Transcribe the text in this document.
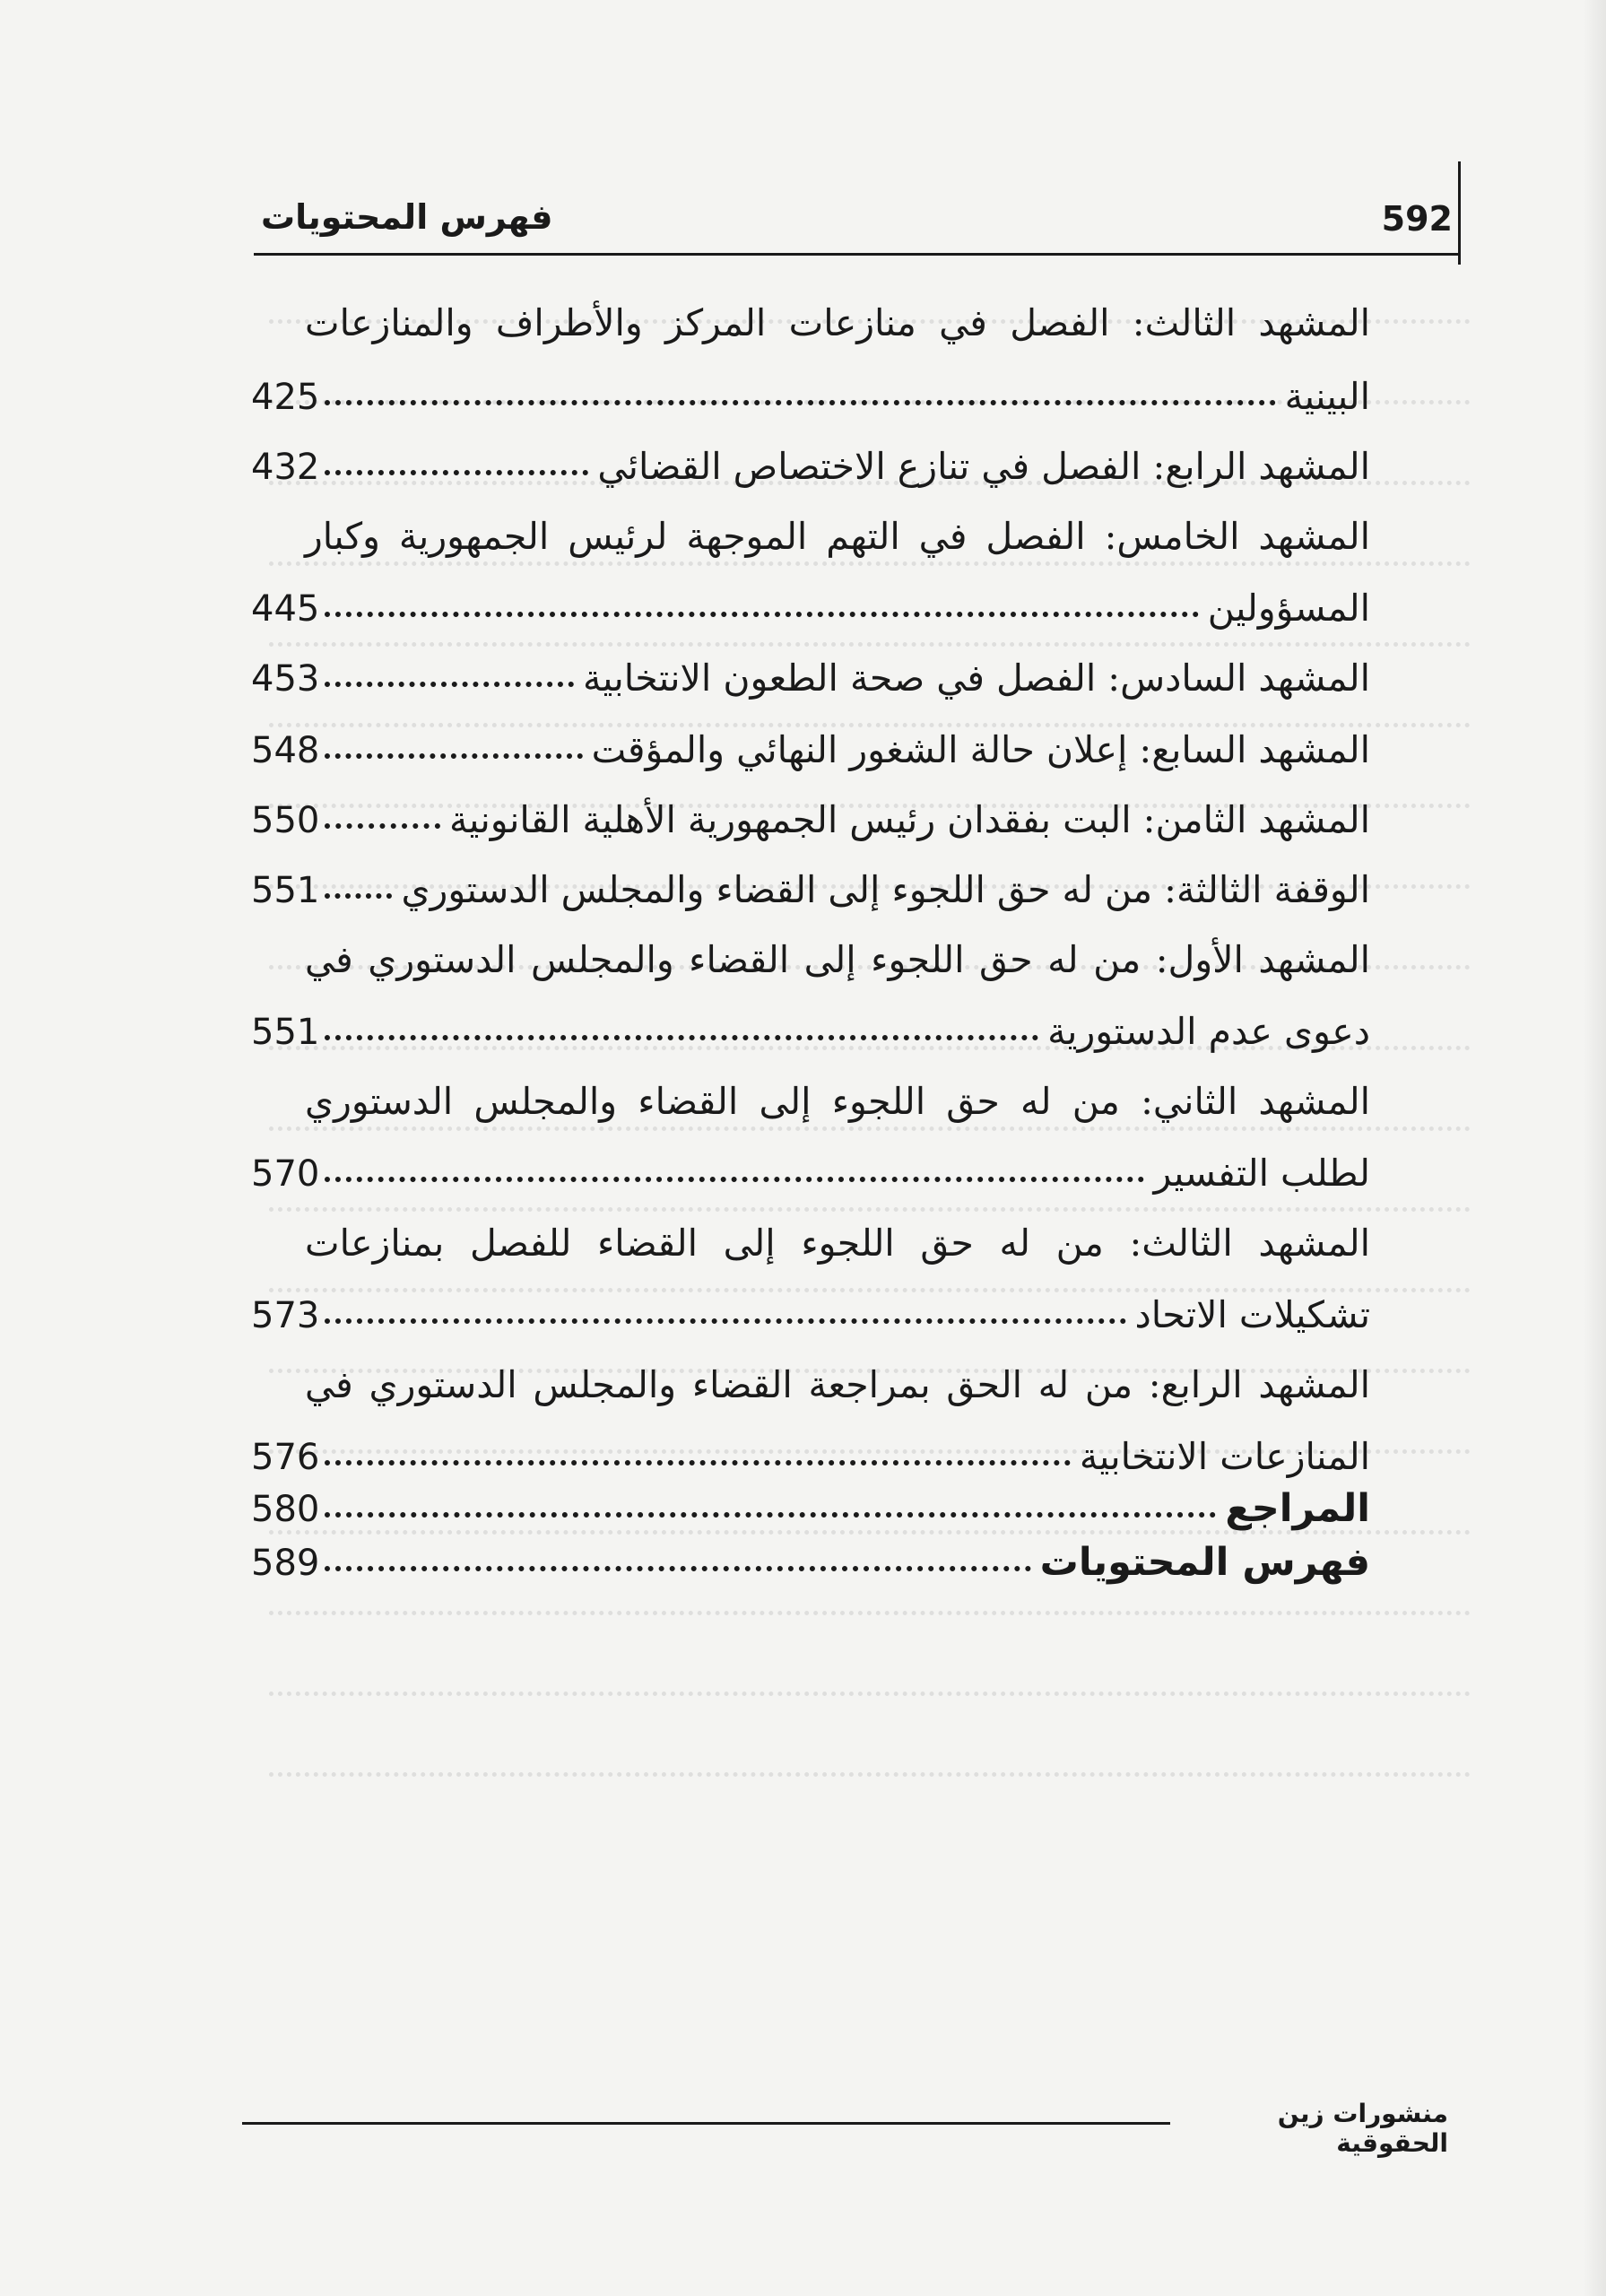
592
فهرس المحتويات
المشهد الثالث: الفصل في منازعات المركز والأطراف والمنازعات
البينية
425
المشهد الرابع: الفصل في تنازع الاختصاص القضائي
432
المشهد الخامس: الفصل في التهم الموجهة لرئيس الجمهورية وكبار
المسؤولين
445
المشهد السادس: الفصل في صحة الطعون الانتخابية
453
المشهد السابع: إعلان حالة الشغور النهائي والمؤقت
548
المشهد الثامن: البت بفقدان رئيس الجمهورية الأهلية القانونية
550
الوقفة الثالثة: من له حق اللجوء إلى القضاء والمجلس الدستوري
551
المشهد الأول: من له حق اللجوء إلى القضاء والمجلس الدستوري في
دعوى عدم الدستورية
551
المشهد الثاني: من له حق اللجوء إلى القضاء والمجلس الدستوري
لطلب التفسير
570
المشهد الثالث: من له حق اللجوء إلى القضاء للفصل بمنازعات
تشكيلات الاتحاد
573
المشهد الرابع: من له الحق بمراجعة القضاء والمجلس الدستوري في
المنازعات الانتخابية
576
المراجع
580
فهرس المحتويات
589
منشورات زين الحقوقية
